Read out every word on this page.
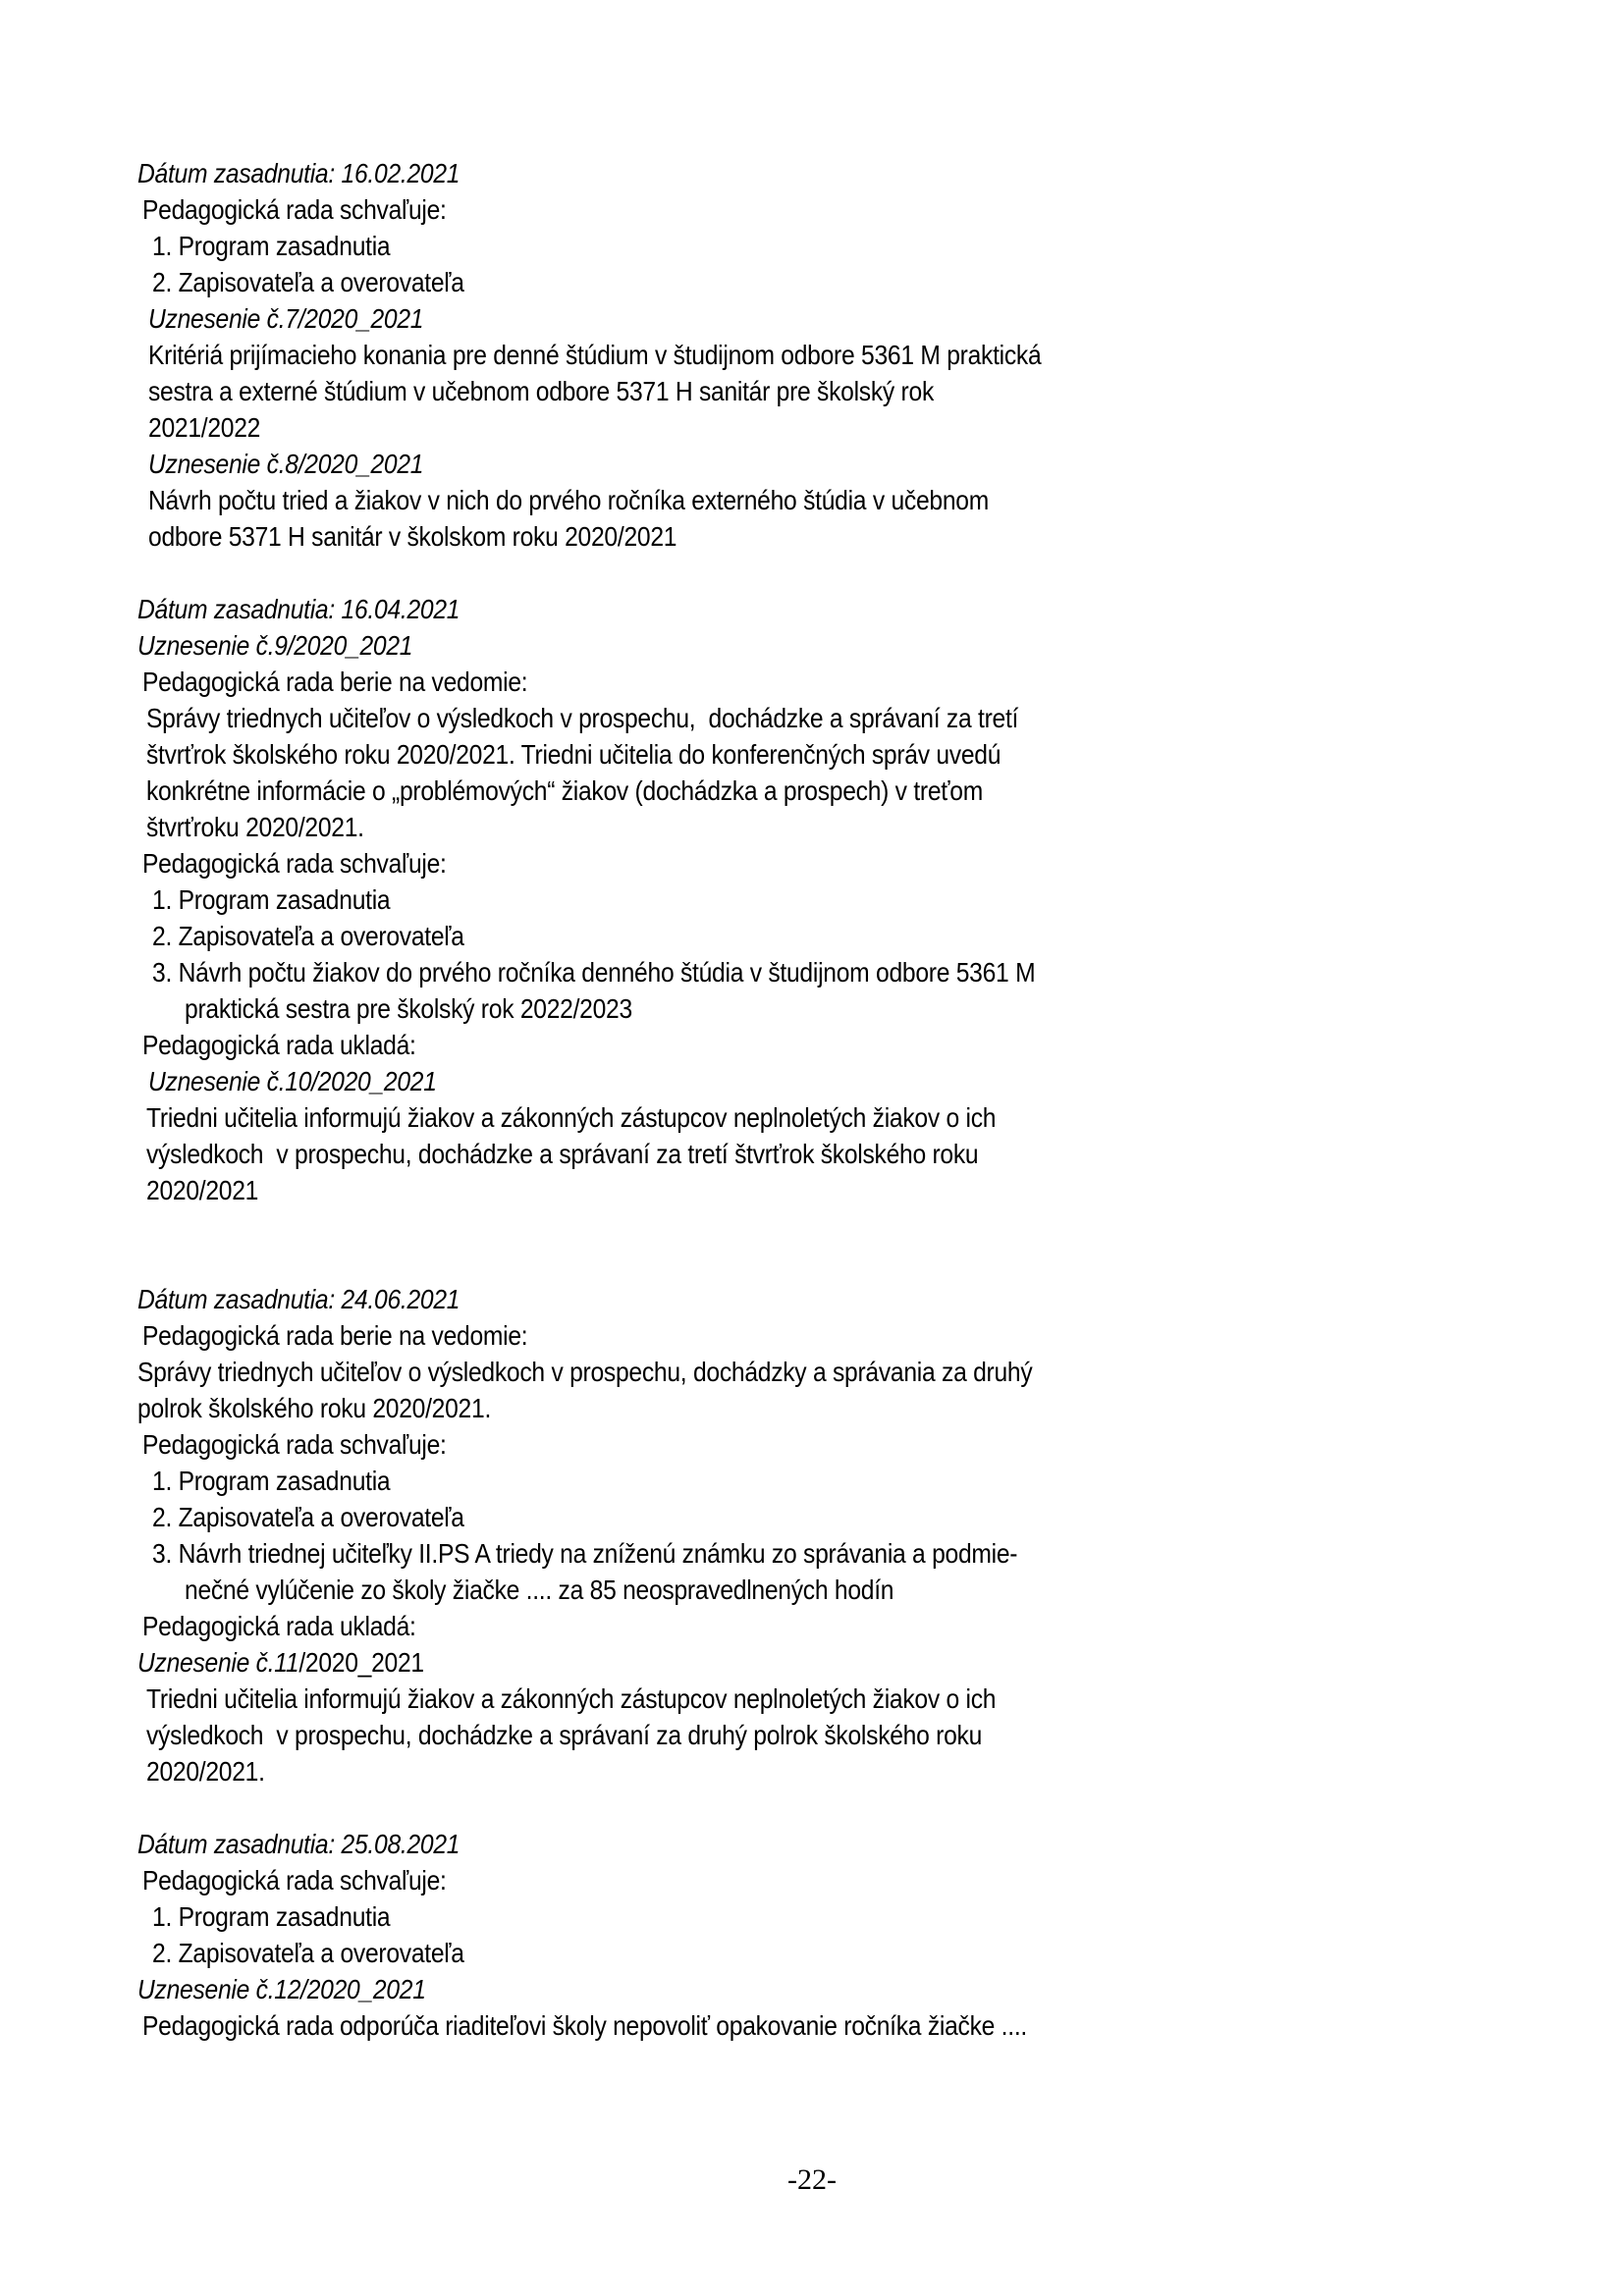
Dátum zasadnutia: 16.02.2021
Pedagogická rada schvaľuje:
1. Program zasadnutia
2. Zapisovateľa a overovateľa
Uznesenie č.7/2020_2021
Kritériá prijímacieho konania pre denné štúdium v študijnom odbore 5361 M praktická
sestra a externé štúdium v učebnom odbore 5371 H sanitár pre školský rok
2021/2022
Uznesenie č.8/2020_2021
Návrh počtu tried a žiakov v nich do prvého ročníka externého štúdia v učebnom
odbore 5371 H sanitár v školskom roku 2020/2021
Dátum zasadnutia: 16.04.2021
Uznesenie č.9/2020_2021
Pedagogická rada berie na vedomie:
Správy triednych učiteľov o výsledkoch v prospechu,  dochádzke a správaní za tretí
štvrťrok školského roku 2020/2021. Triedni učitelia do konferenčných správ uvedú
konkrétne informácie o „problémových“ žiakov (dochádzka a prospech) v treťom
štvrťroku 2020/2021.
Pedagogická rada schvaľuje:
1. Program zasadnutia
2. Zapisovateľa a overovateľa
3. Návrh počtu žiakov do prvého ročníka denného štúdia v študijnom odbore 5361 M
praktická sestra pre školský rok 2022/2023
Pedagogická rada ukladá:
Uznesenie č.10/2020_2021
Triedni učitelia informujú žiakov a zákonných zástupcov neplnoletých žiakov o ich
výsledkoch  v prospechu, dochádzke a správaní za tretí štvrťrok školského roku
2020/2021
Dátum zasadnutia: 24.06.2021
Pedagogická rada berie na vedomie:
Správy triednych učiteľov o výsledkoch v prospechu, dochádzky a správania za druhý
polrok školského roku 2020/2021.
Pedagogická rada schvaľuje:
1. Program zasadnutia
2. Zapisovateľa a overovateľa
3. Návrh triednej učiteľky II.PS A triedy na zníženú známku zo správania a podmie-
nečné vylúčenie zo školy žiačke .... za 85 neospravedlnených hodín
Pedagogická rada ukladá:
Uznesenie č.11/2020_2021
Triedni učitelia informujú žiakov a zákonných zástupcov neplnoletých žiakov o ich
výsledkoch  v prospechu, dochádzke a správaní za druhý polrok školského roku
2020/2021.
Dátum zasadnutia: 25.08.2021
Pedagogická rada schvaľuje:
1. Program zasadnutia
2. Zapisovateľa a overovateľa
Uznesenie č.12/2020_2021
Pedagogická rada odporúča riaditeľovi školy nepovoliť opakovanie ročníka žiačke ....
-22-
